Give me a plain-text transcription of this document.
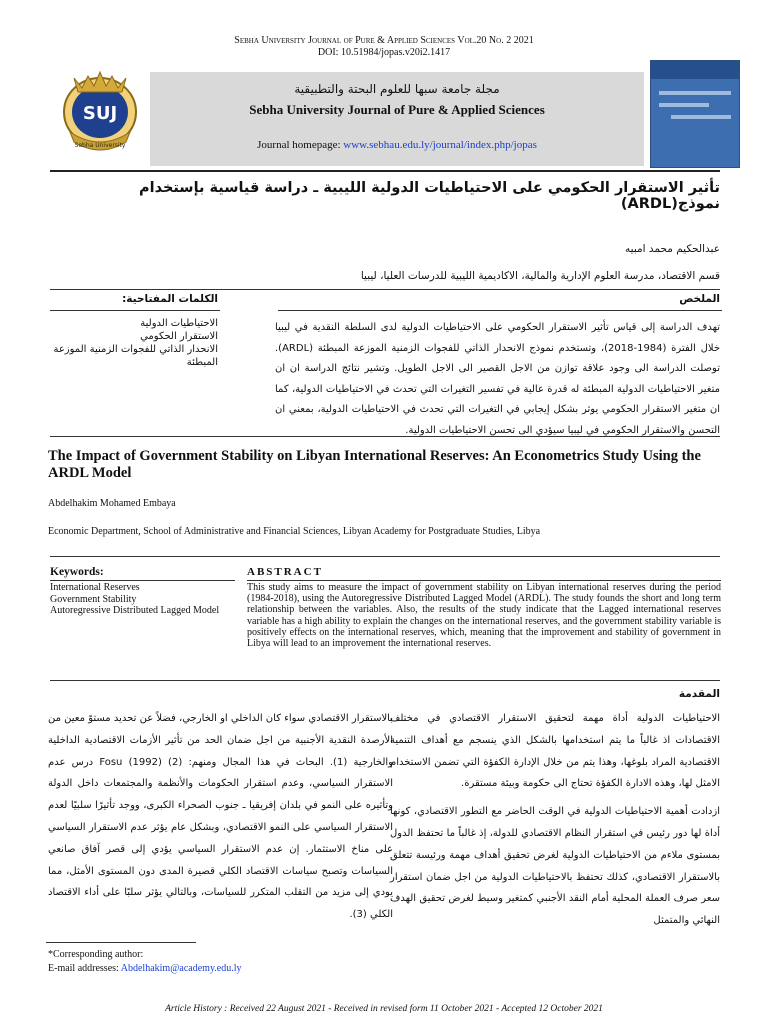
Sebha University Journal of Pure & Applied Sciences Vol.20 No. 2 2021
DOI: 10.51984/jopas.v20i2.1417
SUJ
Sebha University
مجلة جامعة سبها للعلوم البحتة والتطبيقية
Sebha University Journal of Pure & Applied Sciences
Journal homepage: www.sebhau.edu.ly/journal/index.php/jopas
تأثير الاستقرار الحكومي على الاحتياطيات الدولية الليبية ـ دراسة قياسية بإستخدام نموذج(ARDL)
عبدالحكيم محمد امبيه
قسم الاقتصاد، مدرسة العلوم الإدارية والمالية، الاكاديمية الليبية للدرسات العليا، ليبيا
الكلمات المفتاحية:
الاحتياطيات الدولية
الاستقرار الحكومي
الانحدار الذاتي للفجوات الزمنية الموزعة المبطئة
الملخص
تهدف الدراسة إلى قياس تأثير الاستقرار الحكومي على الاحتياطيات الدولية لدى السلطة النقدية في ليبيا خلال الفترة (1984-2018)، وتستخدم نموذج الانحدار الذاتي للفجوات الزمنية الموزعة المبطئة (ARDL). توصلت الدراسة الى وجود علاقة توازن من الاجل القصير الى الاجل الطويل. وتشير نتائج الدراسة ان ان متغير الاحتياطيات الدولية المبطئة له قدرة عالية في تفسير التغيرات التي تحدث في الاحتياطيات الدولية، كما ان متغير الاستقرار الحكومي يوثر بشكل إيجابي في التغيرات التي تحدث في الاحتياطيات الدولية، بمعني ان التحسن والاستقرار الحكومي في ليبيا سيؤدي الى تحسن الاحتياطيات الدولية.
The Impact of Government Stability on Libyan International Reserves: An Econometrics Study Using the ARDL Model
Abdelhakim Mohamed Embaya
Economic Department, School of Administrative and Financial Sciences, Libyan Academy for Postgraduate Studies, Libya
Keywords:
International Reserves
Government Stability
Autoregressive Distributed Lagged Model
ABSTRACT
This study aims to measure the impact of government stability on Libyan international reserves during the period (1984-2018), using the Autoregressive Distributed Lagged Model (ARDL). The study founds the short and long term relationship between the variables. Also, the results of the study indicate that the Lagged international reserves variable has a high ability to explain the changes on the international reserves, and the government stability variable is positively effects on the international reserves, which, meaning that the improvement and stability of government in Libya will lead to an improvement the international reserves.
المقدمة

الاحتياطيات الدولية أداة مهمة لتحقيق الاستقرار الاقتصادي في مختلف الاقتصادات اذ غالباً ما يتم استخدامها بالشكل الذي ينسجم مع أهداف التنمية الاقتصادية المراد بلوغها، وهذا يتم من خلال الإدارة الكفؤة التي تضمن الاستخدام الامثل لها، وهذه الادارة الكفؤة تحتاج الى حكومة وبيئة مستقرة.

ازدادت أهمية الاحتياطيات الدولية في الوقت الحاضر مع التطور الاقتصادي، كونها أداة لها دور رئيس في استقرار النظام الاقتصادي للدولة، إذ غالباً ما تحتفظ الدول بمستوى ملاءم من الاحتياطيات الدولية لغرض تحقيق أهداف مهمة ورئيسة تتعلق بالاستقرار الاقتصادي، كذلك تحتفظ بالاحتياطيات الدولية من اجل ضمان استقرار سعر صرف العملة المحلية أمام النقد الأجنبي كمتغير وسيط لغرض تحقيق الهدف النهائي والمتمثل

بالاستقرار الاقتصادي سواء كان الداخلي او الخارجي، فضلاً عن تحديد مستوً معين من الأرصدة النقدية الأجنبية من اجل ضمان الحد من تأثير الأزمات الاقتصادية الداخلية والخارجية (1). البحاث في هذا المجال ومنهم: Fosu (1992) (2) درس عدم الاستقرار السياسي، وعدم استقرار الحكومات والأنظمة والمجتمعات داخل الدولة وتأثيره على النمو في بلدان إفريقيا ـ جنوب الصحراء الكبرى، ووجد تأثيرًا سلبيًا لعدم الاستقرار السياسي على النمو الاقتصادي، وبشكل عام يؤثر عدم الاستقرار السياسي على مناخ الاستثمار. إن عدم الاستقرار السياسي يؤدي إلى قصر آفاق صانعي السياسات وتصبح سياسات الاقتصاد الكلي قصيرة المدى دون المستوى الأمثل، مما يودي إلى مزيد من التقلب المتكرر للسياسات، وبالتالي يؤثر سلبًا على أداء الاقتصاد الكلي (3).
*Corresponding author:
E-mail addresses: Abdelhakim@academy.edu.ly
Article History : Received 22 August 2021 - Received in revised form 11 October 2021 - Accepted 12 October 2021
